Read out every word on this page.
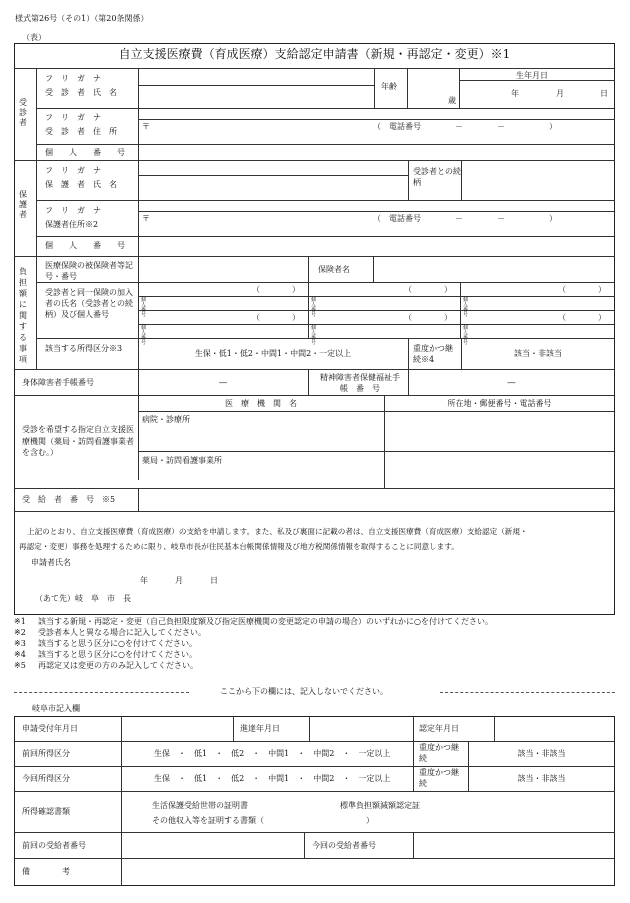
様式第26号（その1）（第20条関係）
（表）
自立支援医療費（育成医療）支給認定申請書（新規・再認定・変更）※1
受診者
フ　リ　ガ　ナ
受　診　者　氏　名
年齢
歳
生年月日
年	月	日
フ　リ　ガ　ナ
受　診　者　住　所
〒	（　電話番号	－	－	）
個　　人　　番　　号
保護者
フ　リ　ガ　ナ
保　護　者　氏　名
受診者との続柄
フ　リ　ガ　ナ
保護者住所※2
〒	（　電話番号	－	－	）
個　　人　　番　　号
負担額に関する事項
医療保険の被保険者等記号・番号
保険者名
受診者と同一保険の加入者の氏名（受診者との続柄）及び個人番号
（　　　　）	（　　　　）	（　　　　）
個人番号
個人番号
個人番号
（　　　　）	（　　　　）	（　　　　）
個人番号
個人番号
個人番号
該当する所得区分※3
生保・低1・低2・中間1・中間2・一定以上
重度かつ継続※4
該当・非該当
身体障害者手帳番号	―
精神障害者保健福祉手　帳　番　号
―
受診を希望する指定自立支援医療機関（薬局・訪問看護事業者を含む。）
医　療　機　関　名	所在地・郵便番号・電話番号
病院・診療所
薬局・訪問看護事業所
受　給　者　番　号　※5
上記のとおり、自立支援医療費（育成医療）の支給を申請します。また、私及び裏面に記載の者は、自立支援医療費（育成医療）支給認定（新規・
再認定・変更）事務を処理するために限り、岐阜市長が住民基本台帳関係情報及び地方税関係情報を取得することに同意します。
申請者氏名
年	月	日
（あて先）岐　阜　市　長
※1 該当する新規・再認定・変更（自己負担限度額及び指定医療機関の変更認定の申請の場合）のいずれかに○を付けてください。
※2 受診者本人と異なる場合に記入してください。
※3 該当すると思う区分に○を付けてください。
※4 該当すると思う区分に○を付けてください。
※5 再認定又は変更の方のみ記入してください。
ここから下の欄には、記入しないでください。
岐阜市記入欄
申請受付年月日	進達年月日	認定年月日
前回所得区分	生保　・　低1　・　低2　・　中間1　・　中間2　・　一定以上
重度かつ継　　続
該当・非該当
今回所得区分	生保　・　低1　・　低2　・　中間1　・　中間2　・　一定以上
重度かつ継　　続
該当・非該当
所得確認書類
生活保護受給世帯の証明書	標準負担額減額認定証
その他収入等を証明する書類（	）
前回の受給者番号	今回の受給者番号
備　　　　考
